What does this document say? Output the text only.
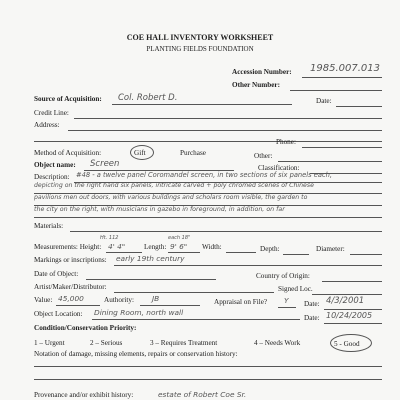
COE HALL INVENTORY WORKSHEET
PLANTING FIELDS FOUNDATION
Accession Number: 1985.007.013
Other Number:
Source of Acquisition: Col. Robert D.	Date:
Credit Line:
Address:
Phone:
Method of Acquisition:	Gift	Purchase	Other:
Object name: Screen	Classification:
Description: #48 - a twelve panel Coromandel screen, in two sections of six panels each,
depicting on the right hand six panels, intricate carved + poly chromed scenes of Chinese
pavilions men out doors, with various buildings and scholars room visible, the garden to
the city on the right, with musicians in gazebo in foreground, in addition, on far
Materials:
Ht. 112	each 18"
Measurements: Height: 4' 4"	Length: 9' 6" Width:	Depth:	Diameter:
Markings or inscriptions: early 19th century
Date of Object:	Country of Origin:
Artist/Maker/Distributor:	Signed Loc.
Value: 45,000	Authority: JB	Appraisal on File? Y Date: 4/3/2001
Object Location: Dining Room, north wall
Date: 10/24/2005
Condition/Conservation Priority:
1 – Urgent	2 – Serious	3 – Requires Treatment	4 – Needs Work	5 - Good
Notation of damage, missing elements, repairs or conservation history:
Provenance and/or exhibit history:	estate of Robert Coe Sr.
